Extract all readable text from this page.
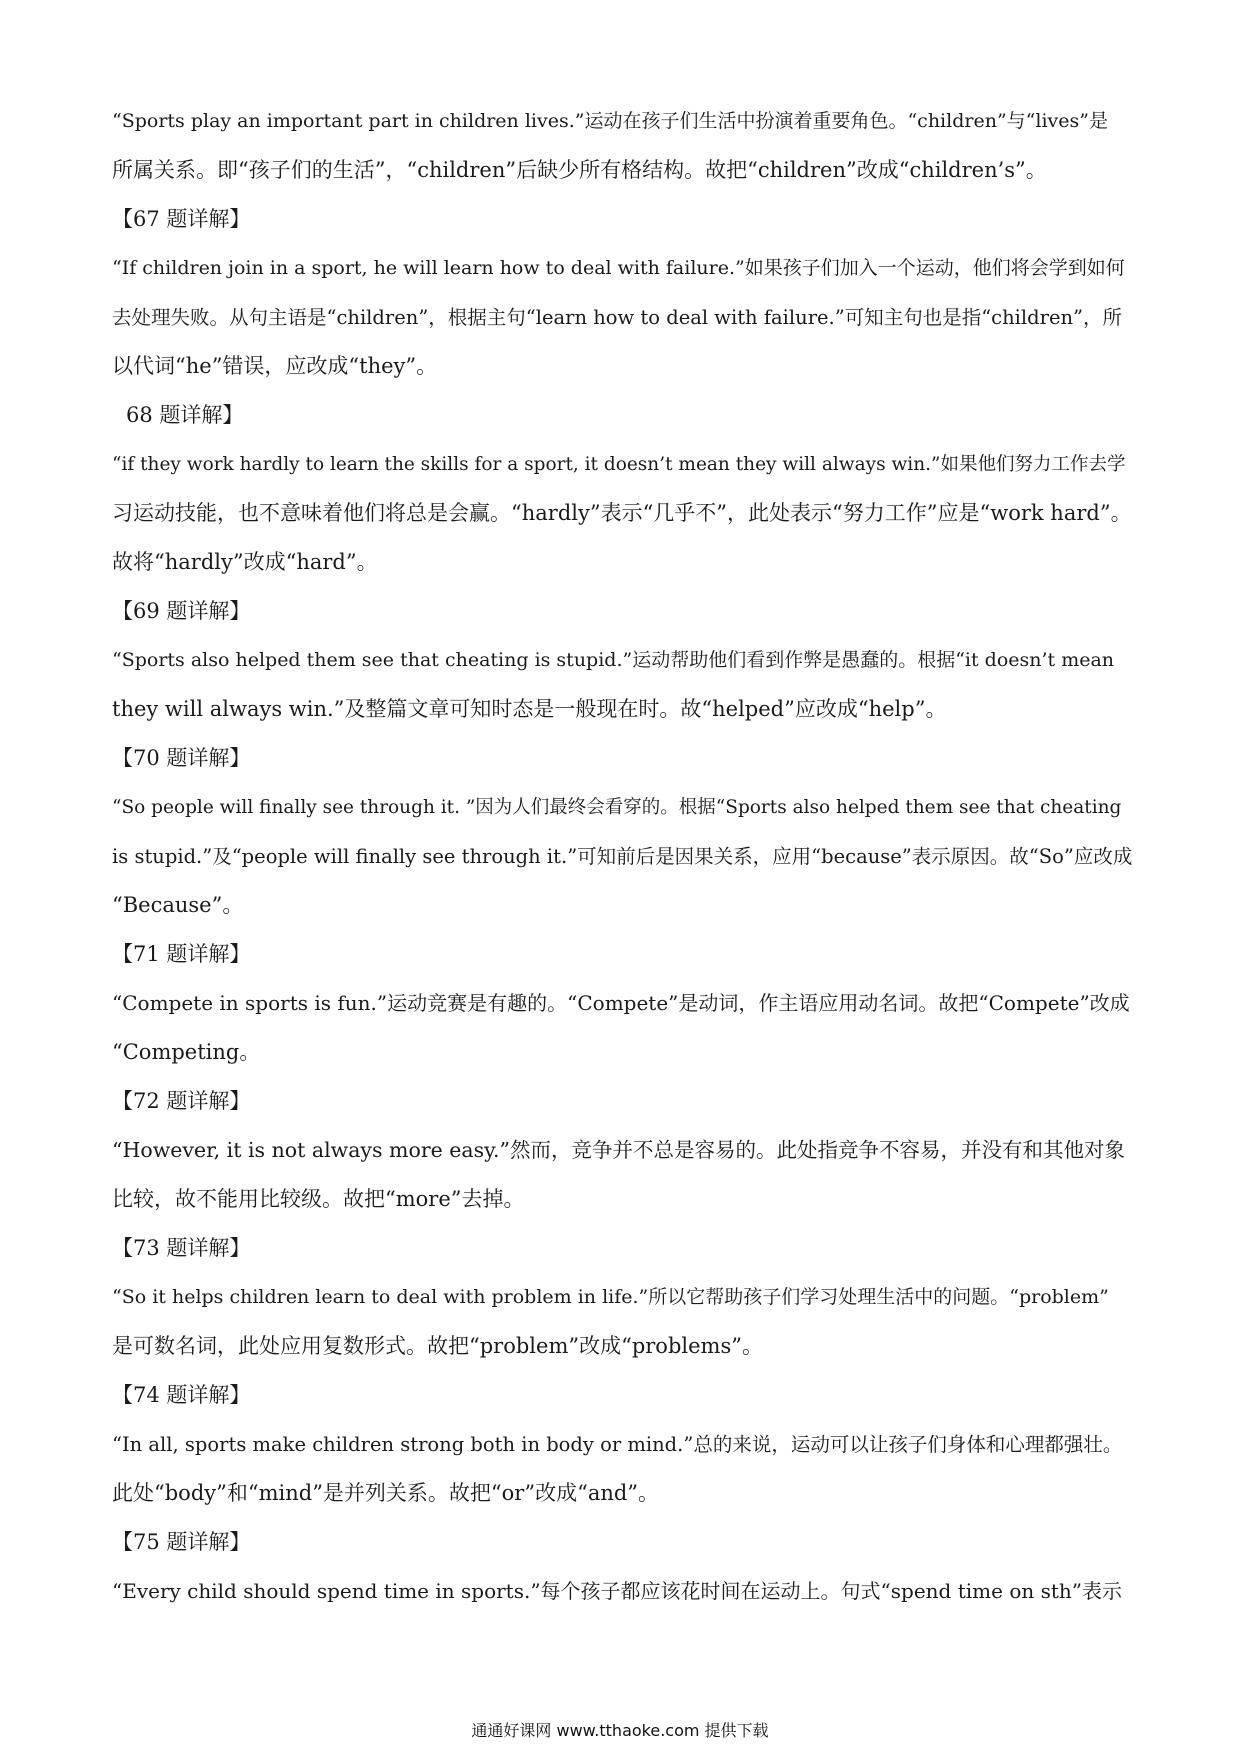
“Sports play an important part in children lives.”运动在孩子们生活中扮演着重要角色。“children”与“lives”是
所属关系。即“孩子们的生活”，“children”后缺少所有格结构。故把“children”改成“children’s”。
【67 题详解】
“If children join in a sport, he will learn how to deal with failure.”如果孩子们加入一个运动，他们将会学到如何
去处理失败。从句主语是“children”，根据主句“learn how to deal with failure.”可知主句也是指“children”，所
以代词“he”错误，应改成“they”。
68 题详解】
“if they work hardly to learn the skills for a sport, it doesn’t mean they will always win.”如果他们努力工作去学
习运动技能，也不意味着他们将总是会赢。“hardly”表示“几乎不”，此处表示“努力工作”应是“work hard”。
故将“hardly”改成“hard”。
【69 题详解】
“Sports also helped them see that cheating is stupid.”运动帮助他们看到作弊是愚蠢的。根据“it doesn’t mean
they will always win.”及整篇文章可知时态是一般现在时。故“helped”应改成“help”。
【70 题详解】
“So people will finally see through it. ”因为人们最终会看穿的。根据“Sports also helped them see that cheating
is stupid.”及“people will finally see through it.”可知前后是因果关系，应用“because”表示原因。故“So”应改成
“Because”。
【71 题详解】
“Compete in sports is fun.”运动竞赛是有趣的。“Compete”是动词，作主语应用动名词。故把“Compete”改成
“Competing。
【72 题详解】
“However, it is not always more easy.”然而，竞争并不总是容易的。此处指竞争不容易，并没有和其他对象
比较，故不能用比较级。故把“more”去掉。
【73 题详解】
“So it helps children learn to deal with problem in life.”所以它帮助孩子们学习处理生活中的问题。“problem”
是可数名词，此处应用复数形式。故把“problem”改成“problems”。
【74 题详解】
“In all, sports make children strong both in body or mind.”总的来说，运动可以让孩子们身体和心理都强壮。
此处“body”和“mind”是并列关系。故把“or”改成“and”。
【75 题详解】
“Every child should spend time in sports.”每个孩子都应该花时间在运动上。句式“spend time on sth”表示
通通好课网 www.tthaoke.com 提供下载
